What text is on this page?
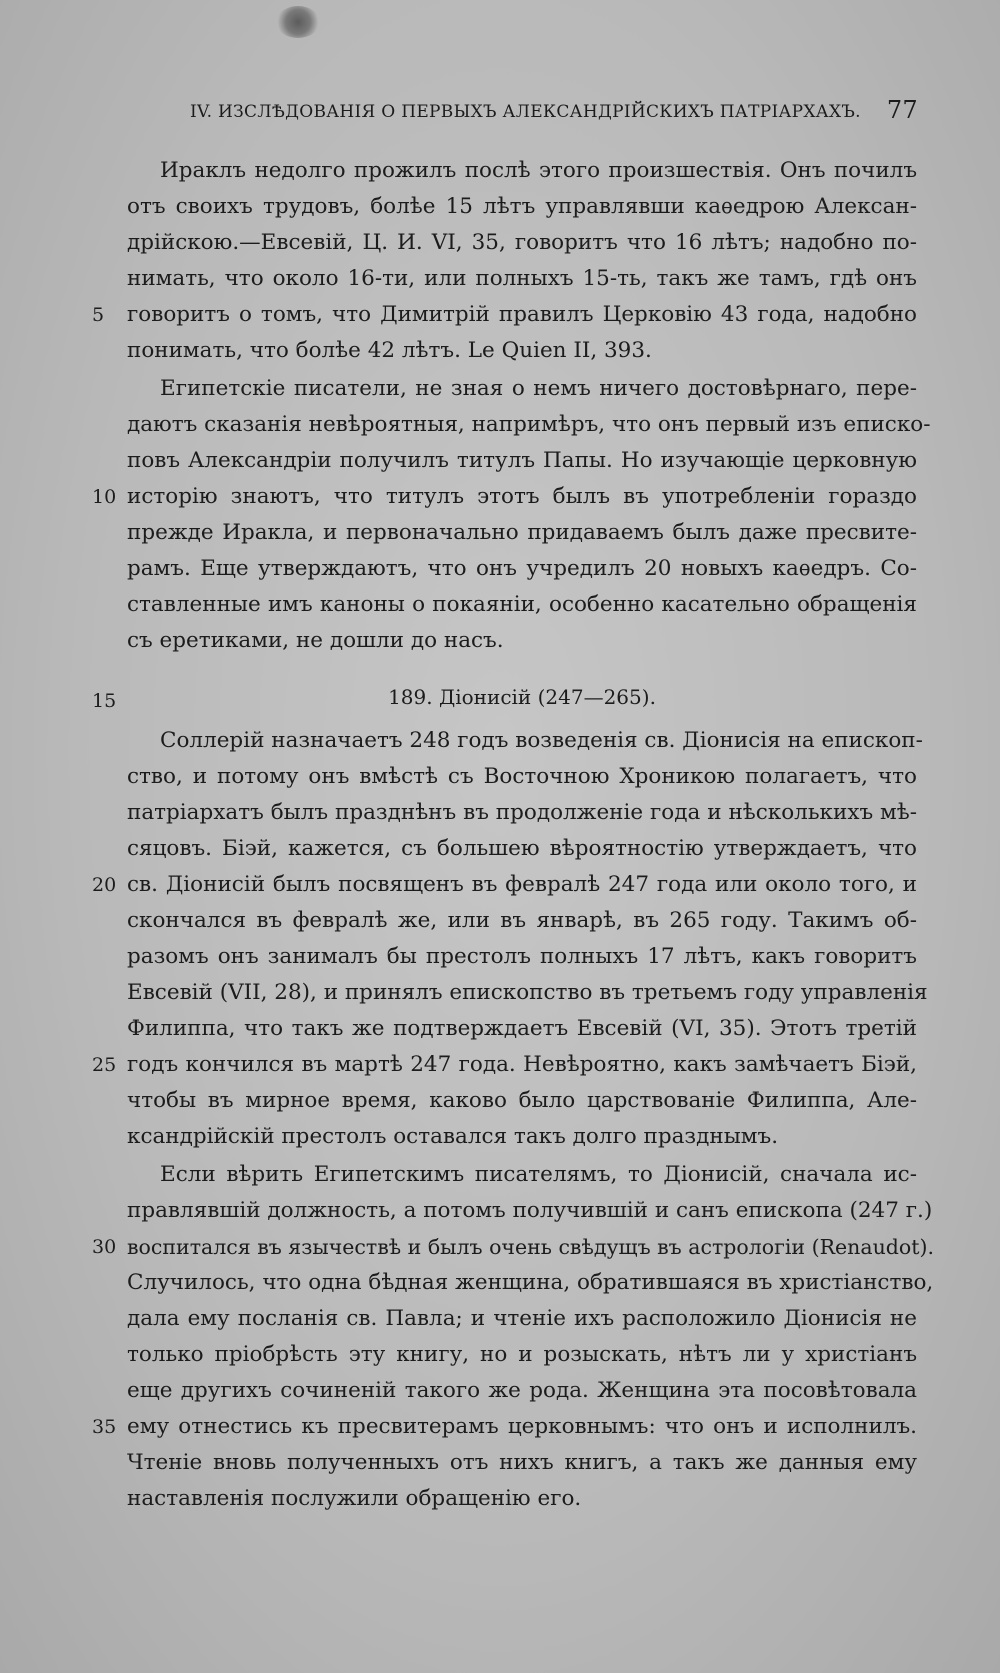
IV. ИЗСЛѢДОВАНІЯ О ПЕРВЫХЪ АЛЕКСАНДРІЙСКИХЪ ПАТРІАРХАХЪ. 77
Ираклъ недолго прожилъ послѣ этого произшествія. Онъ почилъ
отъ своихъ трудовъ, болѣе 15 лѣтъ управлявши каѳедрою Алексан-
дрійскою.—Евсевій, Ц. И. VI, 35, говоритъ что 16 лѣтъ; надобно по-
нимать, что около 16-ти, или полныхъ 15-ть, такъ же тамъ, гдѣ онъ
5	говоритъ о томъ, что Димитрій правилъ Церковію 43 года, надобно
понимать, что болѣе 42 лѣтъ. Le Quien II, 393.
Египетскіе писатели, не зная о немъ ничего достовѣрнаго, пере-
даютъ сказанія невѣроятныя, напримѣръ, что онъ первый изъ еписко-
повъ Александріи получилъ титулъ Папы. Но изучающіе церковную
10 исторію знаютъ, что титулъ этотъ былъ въ употребленіи гораздо
прежде Иракла, и первоначально придаваемъ былъ даже пресвите-
рамъ. Еще утверждаютъ, что онъ учредилъ 20 новыхъ каѳедръ. Со-
ставленные имъ каноны о покаяніи, особенно касательно обращенія
съ еретиками, не дошли до насъ.
15	189. Діонисій (247—265).
Соллерій назначаетъ 248 годъ возведенія св. Діонисія на епископ-
ство, и потому онъ вмѣстѣ съ Восточною Хроникою полагаетъ, что
патріархатъ былъ празднѣнъ въ продолженіе года и нѣсколькихъ мѣ-
сяцовъ. Біэй, кажется, съ большею вѣроятностію утверждаетъ, что
20 св. Діонисій былъ посвященъ въ февралѣ 247 года или около того, и
скончался въ февралѣ же, или въ январѣ, въ 265 году. Такимъ об-
разомъ онъ занималъ бы престолъ полныхъ 17 лѣтъ, какъ говоритъ
Евсевій (VII, 28), и принялъ епископство въ третьемъ году управленія
Филиппа, что такъ же подтверждаетъ Евсевій (VI, 35). Этотъ третій
25 годъ кончился въ мартѣ 247 года. Невѣроятно, какъ замѣчаетъ Біэй,
чтобы въ мирное время, каково было царствованіе Филиппа, Але-
ксандрійскій престолъ оставался такъ долго празднымъ.
Если вѣрить Египетскимъ писателямъ, то Діонисій, сначала ис-
правлявшій должность, а потомъ получившій и санъ епископа (247 г.)
30 воспитался въ язычествѣ и былъ очень свѣдущъ въ астрологіи (Renaudot).
Случилось, что одна бѣдная женщина, обратившаяся въ христіанство,
дала ему посланія св. Павла; и чтеніе ихъ расположило Діонисія не
только пріобрѣсть эту книгу, но и розыскать, нѣтъ ли у христіанъ
еще другихъ сочиненій такого же рода. Женщина эта посовѣтовала
35 ему отнестись къ пресвитерамъ церковнымъ: что онъ и исполнилъ.
Чтеніе вновь полученныхъ отъ нихъ книгъ, а такъ же данныя ему
наставленія послужили обращенію его.
